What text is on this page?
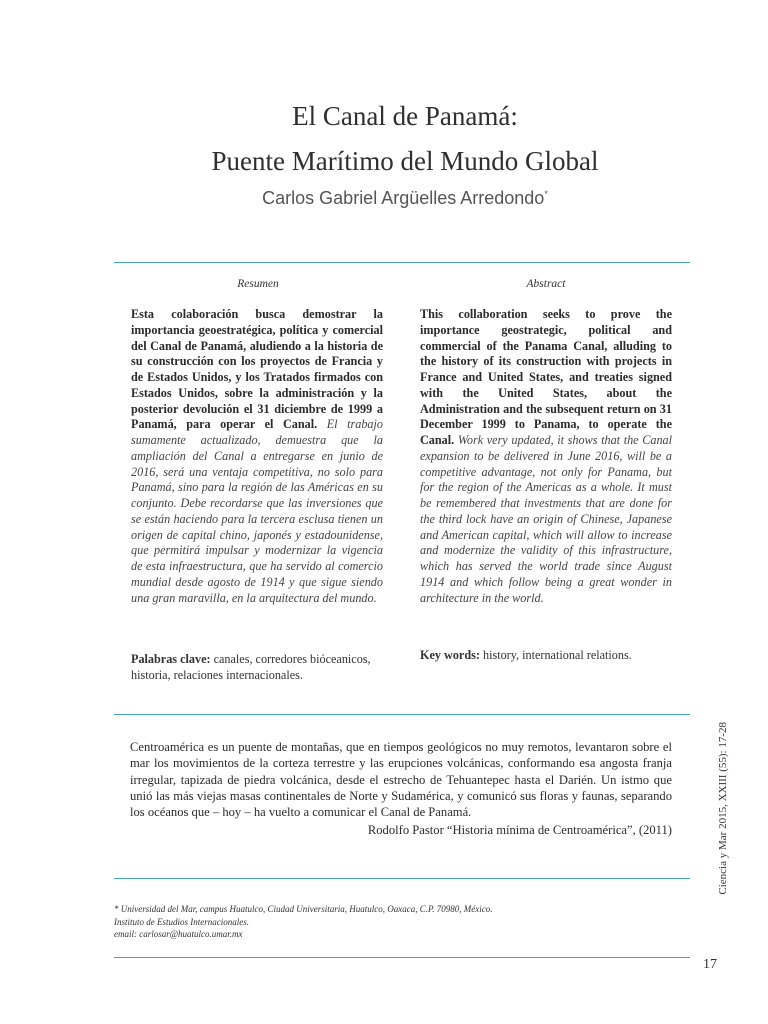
El Canal de Panamá:
Puente Marítimo del Mundo Global
Carlos Gabriel Argüelles Arredondo*
Resumen	Abstract
Esta colaboración busca demostrar la importancia geoestratégica, política y comercial del Canal de Panamá, aludiendo a la historia de su construcción con los proyectos de Francia y de Estados Unidos, y los Tratados firmados con Estados Unidos, sobre la administración y la posterior devolución el 31 diciembre de 1999 a Panamá, para operar el Canal. El trabajo sumamente actualizado, demuestra que la ampliación del Canal a entregarse en junio de 2016, será una ventaja competitiva, no solo para Panamá, sino para la región de las Américas en su conjunto. Debe recordarse que las inversiones que se están haciendo para la tercera esclusa tienen un origen de capital chino, japonés y estadounidense, que permitirá impulsar y modernizar la vigencia de esta infraestructura, que ha servido al comercio mundial desde agosto de 1914 y que sigue siendo una gran maravilla, en la arquitectura del mundo.
This collaboration seeks to prove the importance geostrategic, political and commercial of the Panama Canal, alluding to the history of its construction with projects in France and United States, and treaties signed with the United States, about the Administration and the subsequent return on 31 December 1999 to Panama, to operate the Canal. Work very updated, it shows that the Canal expansion to be delivered in June 2016, will be a competitive advantage, not only for Panama, but for the region of the Americas as a whole. It must be remembered that investments that are done for the third lock have an origin of Chinese, Japanese and American capital, which will allow to increase and modernize the validity of this infrastructure, which has served the world trade since August 1914 and which follow being a great wonder in architecture in the world.
Palabras clave: canales, corredores bióceanicos, historia, relaciones internacionales.
Key words: history, international relations.
Centroamérica es un puente de montañas, que en tiempos geológicos no muy remotos, levantaron sobre el mar los movimientos de la corteza terrestre y las erupciones volcánicas, conformando esa angosta franja irregular, tapizada de piedra volcánica, desde el estrecho de Tehuantepec hasta el Darién. Un istmo que unió las más viejas masas continentales de Norte y Sudamérica, y comunicó sus floras y faunas, separando los océanos que – hoy – ha vuelto a comunicar el Canal de Panamá.
Rodolfo Pastor “Historia mínima de Centroamérica”, (2011)
* Universidad del Mar, campus Huatulco, Ciudad Universitaria, Huatulco, Oaxaca, C.P. 70980, México.
Instituto de Estudios Internacionales.
email: carlosar@huatulco.umar.mx
Ciencia y Mar 2015, XXIII (55): 17-28
17
